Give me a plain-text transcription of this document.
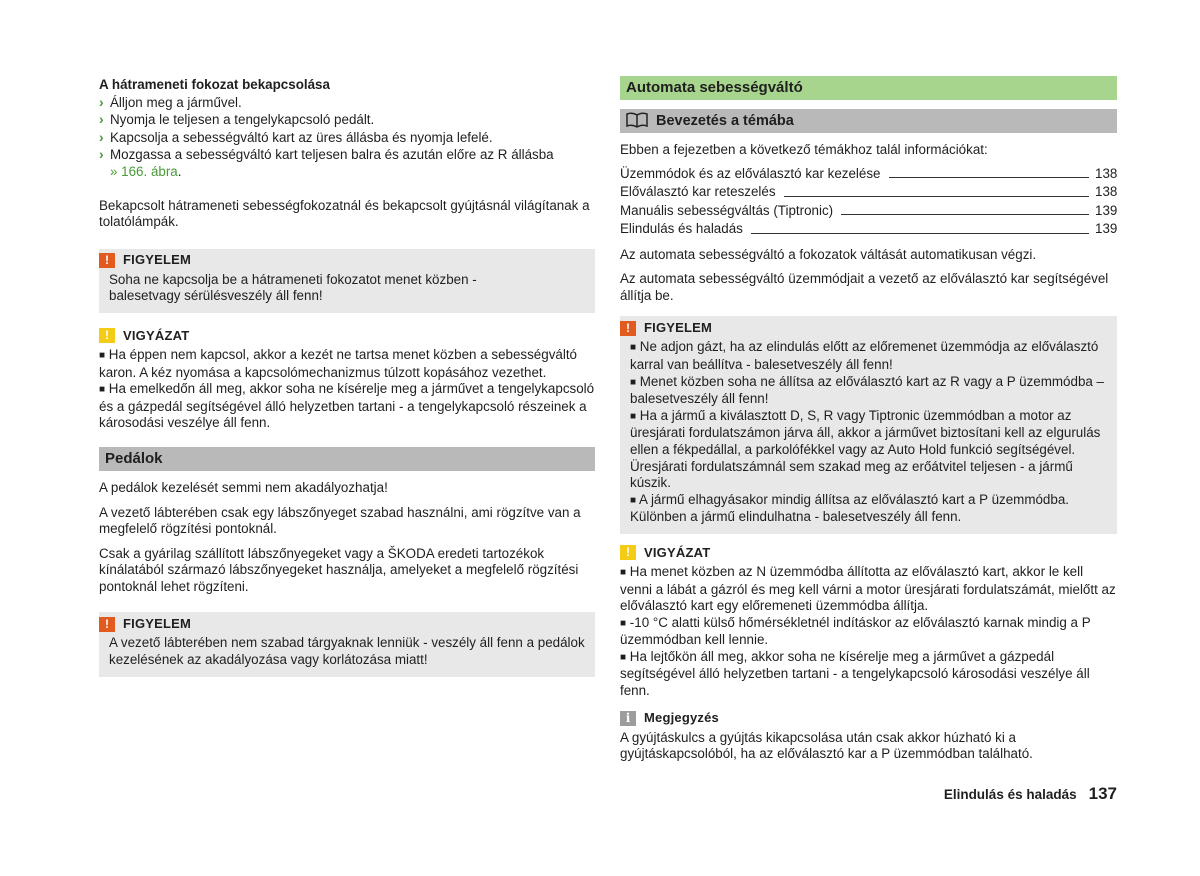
A hátrameneti fokozat bekapcsolása

› Álljon meg a járművel.
› Nyomja le teljesen a tengelykapcsoló pedált.
› Kapcsolja a sebességváltó kart az üres állásba és nyomja lefelé.
› Mozgassa a sebességváltó kart teljesen balra és azután előre az R állásba
» 166. ábra.

Bekapcsolt hátrameneti sebességfokozatnál és bekapcsolt gyújtásnál világítanak a tolatólámpák.

!	FIGYELEM

Soha ne kapcsolja be a hátrameneti fokozatot menet közben - balesetvagy sérülésveszély áll fenn!

!	VIGYÁZAT

■ Ha éppen nem kapcsol, akkor a kezét ne tartsa menet közben a sebességváltó karon. A kéz nyomása a kapcsolómechanizmus túlzott kopásához vezethet.

■ Ha emelkedőn áll meg, akkor soha ne kísérelje meg a járművet a tengelykapcsoló és a gázpedál segítségével álló helyzetben tartani - a tengelykapcsoló részeinek a károsodási veszélye áll fenn.

Pedálok

A pedálok kezelését semmi nem akadályozhatja!

A vezető lábterében csak egy lábszőnyeget szabad használni, ami rögzítve van a megfelelő rögzítési pontoknál.

Csak a gyárilag szállított lábszőnyegeket vagy a ŠKODA eredeti tartozékok kínálatából származó lábszőnyegeket használja, amelyeket a megfelelő rögzítési pontoknál lehet rögzíteni.

!	FIGYELEM

A vezető lábterében nem szabad tárgyaknak lenniük - veszély áll fenn a pedálok kezelésének az akadályozása vagy korlátozása miatt!

Automata sebességváltó
Bevezetés a témába

Ebben a fejezetben a következő témákhoz talál információkat:

Üzemmódok és az előválasztó kar kezelése	138
Előválasztó kar reteszelés	138
Manuális sebességváltás (Tiptronic)	139
Elindulás és haladás	139

Az automata sebességváltó a fokozatok váltását automatikusan végzi.

Az automata sebességváltó üzemmódjait a vezető az előválasztó kar segítségével állítja be.

!	FIGYELEM

■ Ne adjon gázt, ha az elindulás előtt az előremenet üzemmódja az előválasztó karral van beállítva - balesetveszély áll fenn!

■ Menet közben soha ne állítsa az előválasztó kart az R vagy a P üzemmódba – balesetveszély áll fenn!

■ Ha a jármű a kiválasztott D, S, R vagy Tiptronic üzemmódban a motor az üresjárati fordulatszámon járva áll, akkor a járművet biztosítani kell az elgurulás ellen a fékpedállal, a parkolófékkel vagy az Auto Hold funkció segítségével. Üresjárati fordulatszámnál sem szakad meg az erőátvitel teljesen - a jármű kúszik.

■ A jármű elhagyásakor mindig állítsa az előválasztó kart a P üzemmódba. Különben a jármű elindulhatna - balesetveszély áll fenn.

!	VIGYÁZAT

■ Ha menet közben az N üzemmódba állította az előválasztó kart, akkor le kell venni a lábát a gázról és meg kell várni a motor üresjárati fordulatszámát, mielőtt az előválasztó kart egy előremeneti üzemmódba állítja.

■ -10 °C alatti külső hőmérsékletnél indításkor az előválasztó karnak mindig a P üzemmódban kell lennie.

■ Ha lejtőkön áll meg, akkor soha ne kísérelje meg a járművet a gázpedál segítségével álló helyzetben tartani - a tengelykapcsoló károsodási veszélye áll fenn.

i	Megjegyzés

A gyújtáskulcs a gyújtás kikapcsolása után csak akkor húzható ki a gyújtáskapcsolóból, ha az előválasztó kar a P üzemmódban található.

Elindulás és haladás 137
